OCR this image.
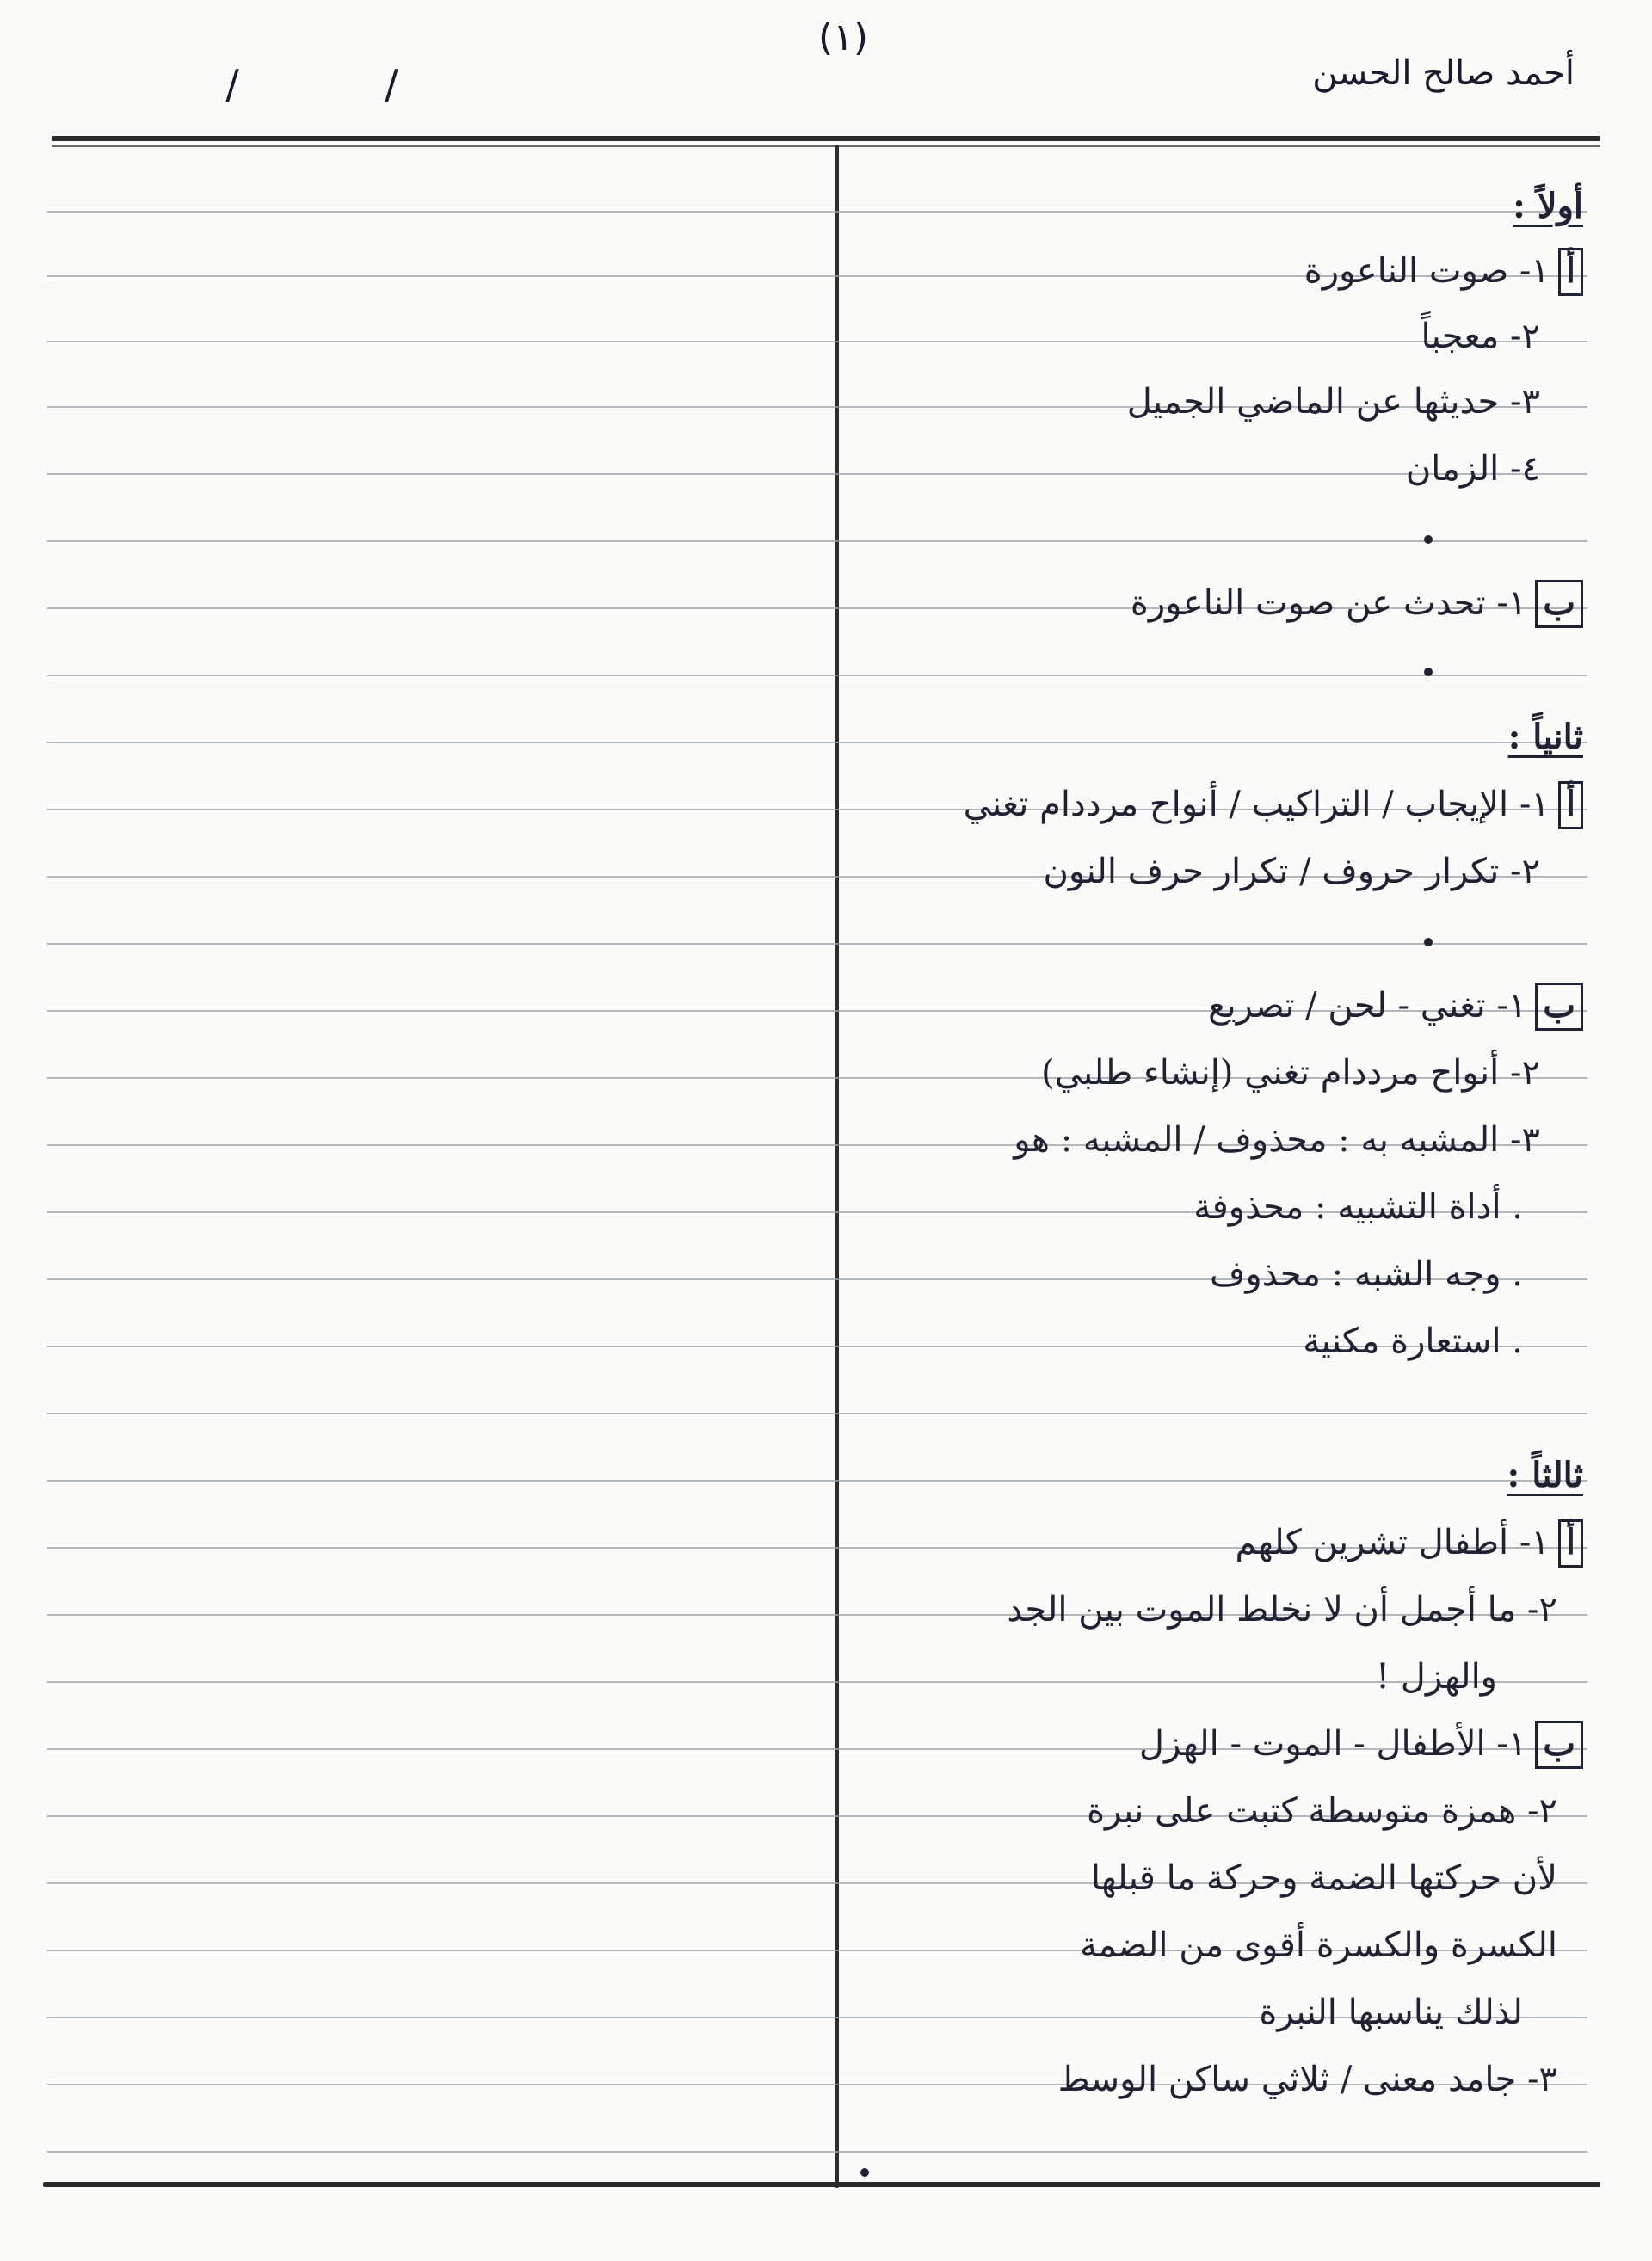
(١)
أحمد صالح الحسن
/	/
أولاً :
أ١- صوت الناعورة
٢- معجباً
٣- حديثها عن الماضي الجميل
٤- الزمان
ب١- تحدث عن صوت الناعورة
ثانياً :
أ١- الإيجاب / التراكيب / أنواح مرددام تغني
٢- تكرار حروف / تكرار حرف النون
ب١- تغني - لحن / تصريع
٢- أنواح مرددام تغني (إنشاء طلبي)
٣- المشبه به : محذوف / المشبه : هو
. أداة التشبيه : محذوفة
. وجه الشبه : محذوف
. استعارة مكنية
ثالثاً :
أ١- أطفال تشرين كلهم
٢- ما أجمل أن لا نخلط الموت بين الجد
والهزل !
ب١- الأطفال - الموت - الهزل
٢- همزة متوسطة كتبت على نبرة
لأن حركتها الضمة وحركة ما قبلها
الكسرة والكسرة أقوى من الضمة
لذلك يناسبها النبرة
٣- جامد معنى / ثلاثي ساكن الوسط
